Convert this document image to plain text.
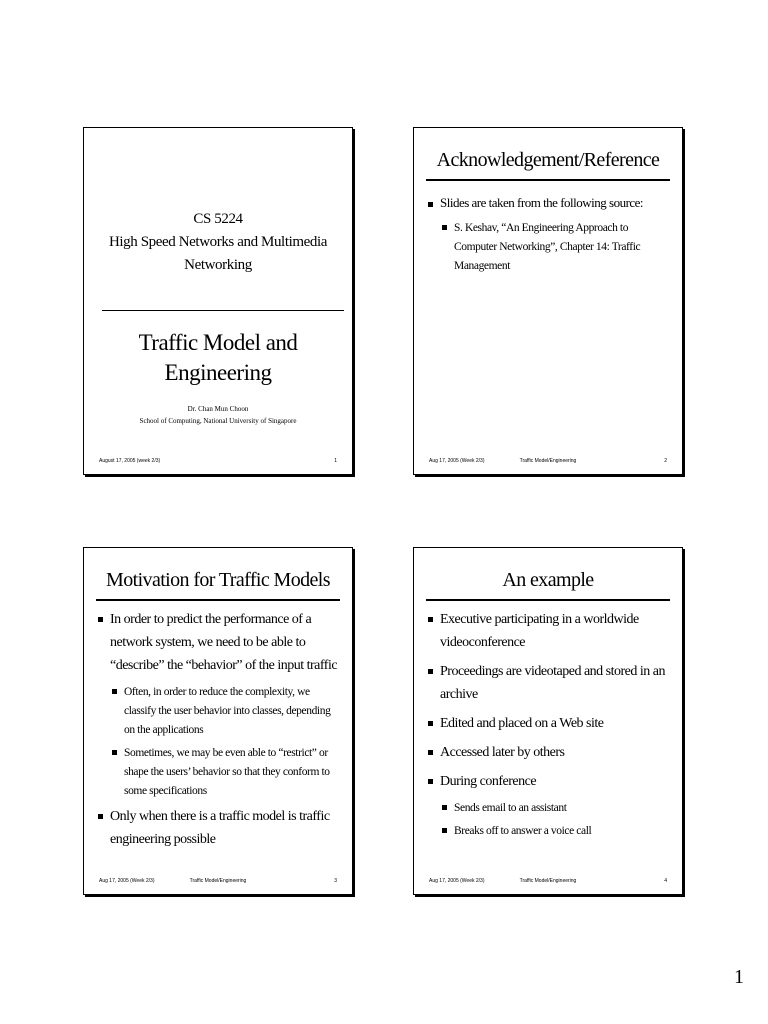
CS 5224
High Speed Networks and Multimedia
Networking
Traffic Model and
Engineering
Dr. Chan Mun Choon
School of Computing, National University of Singapore
August 17, 2005 (week 2/3)	1
Acknowledgement/Reference

Slides are taken from the following source:

S. Keshav, “An Engineering Approach to Computer Networking”, Chapter 14: Traffic Management

Aug 17, 2005 (Week 2/3)	Traffic Model/Engineering	2
Motivation for Traffic Models

In order to predict the performance of a network system, we need to be able to “describe” the “behavior” of the input traffic

Often, in order to reduce the complexity, we classify the user behavior into classes, depending on the applications

Sometimes, we may be even able to “restrict” or shape the users’ behavior so that they conform to some specifications

Only when there is a traffic model is traffic engineering possible

Aug 17, 2005 (Week 2/3)	Traffic Model/Engineering	3
An example

Executive participating in a worldwide videoconference

Proceedings are videotaped and stored in an archive

Edited and placed on a Web site

Accessed later by others

During conference

Sends email to an assistant

Breaks off to answer a voice call

Aug 17, 2005 (Week 2/3)	Traffic Model/Engineering	4
1
